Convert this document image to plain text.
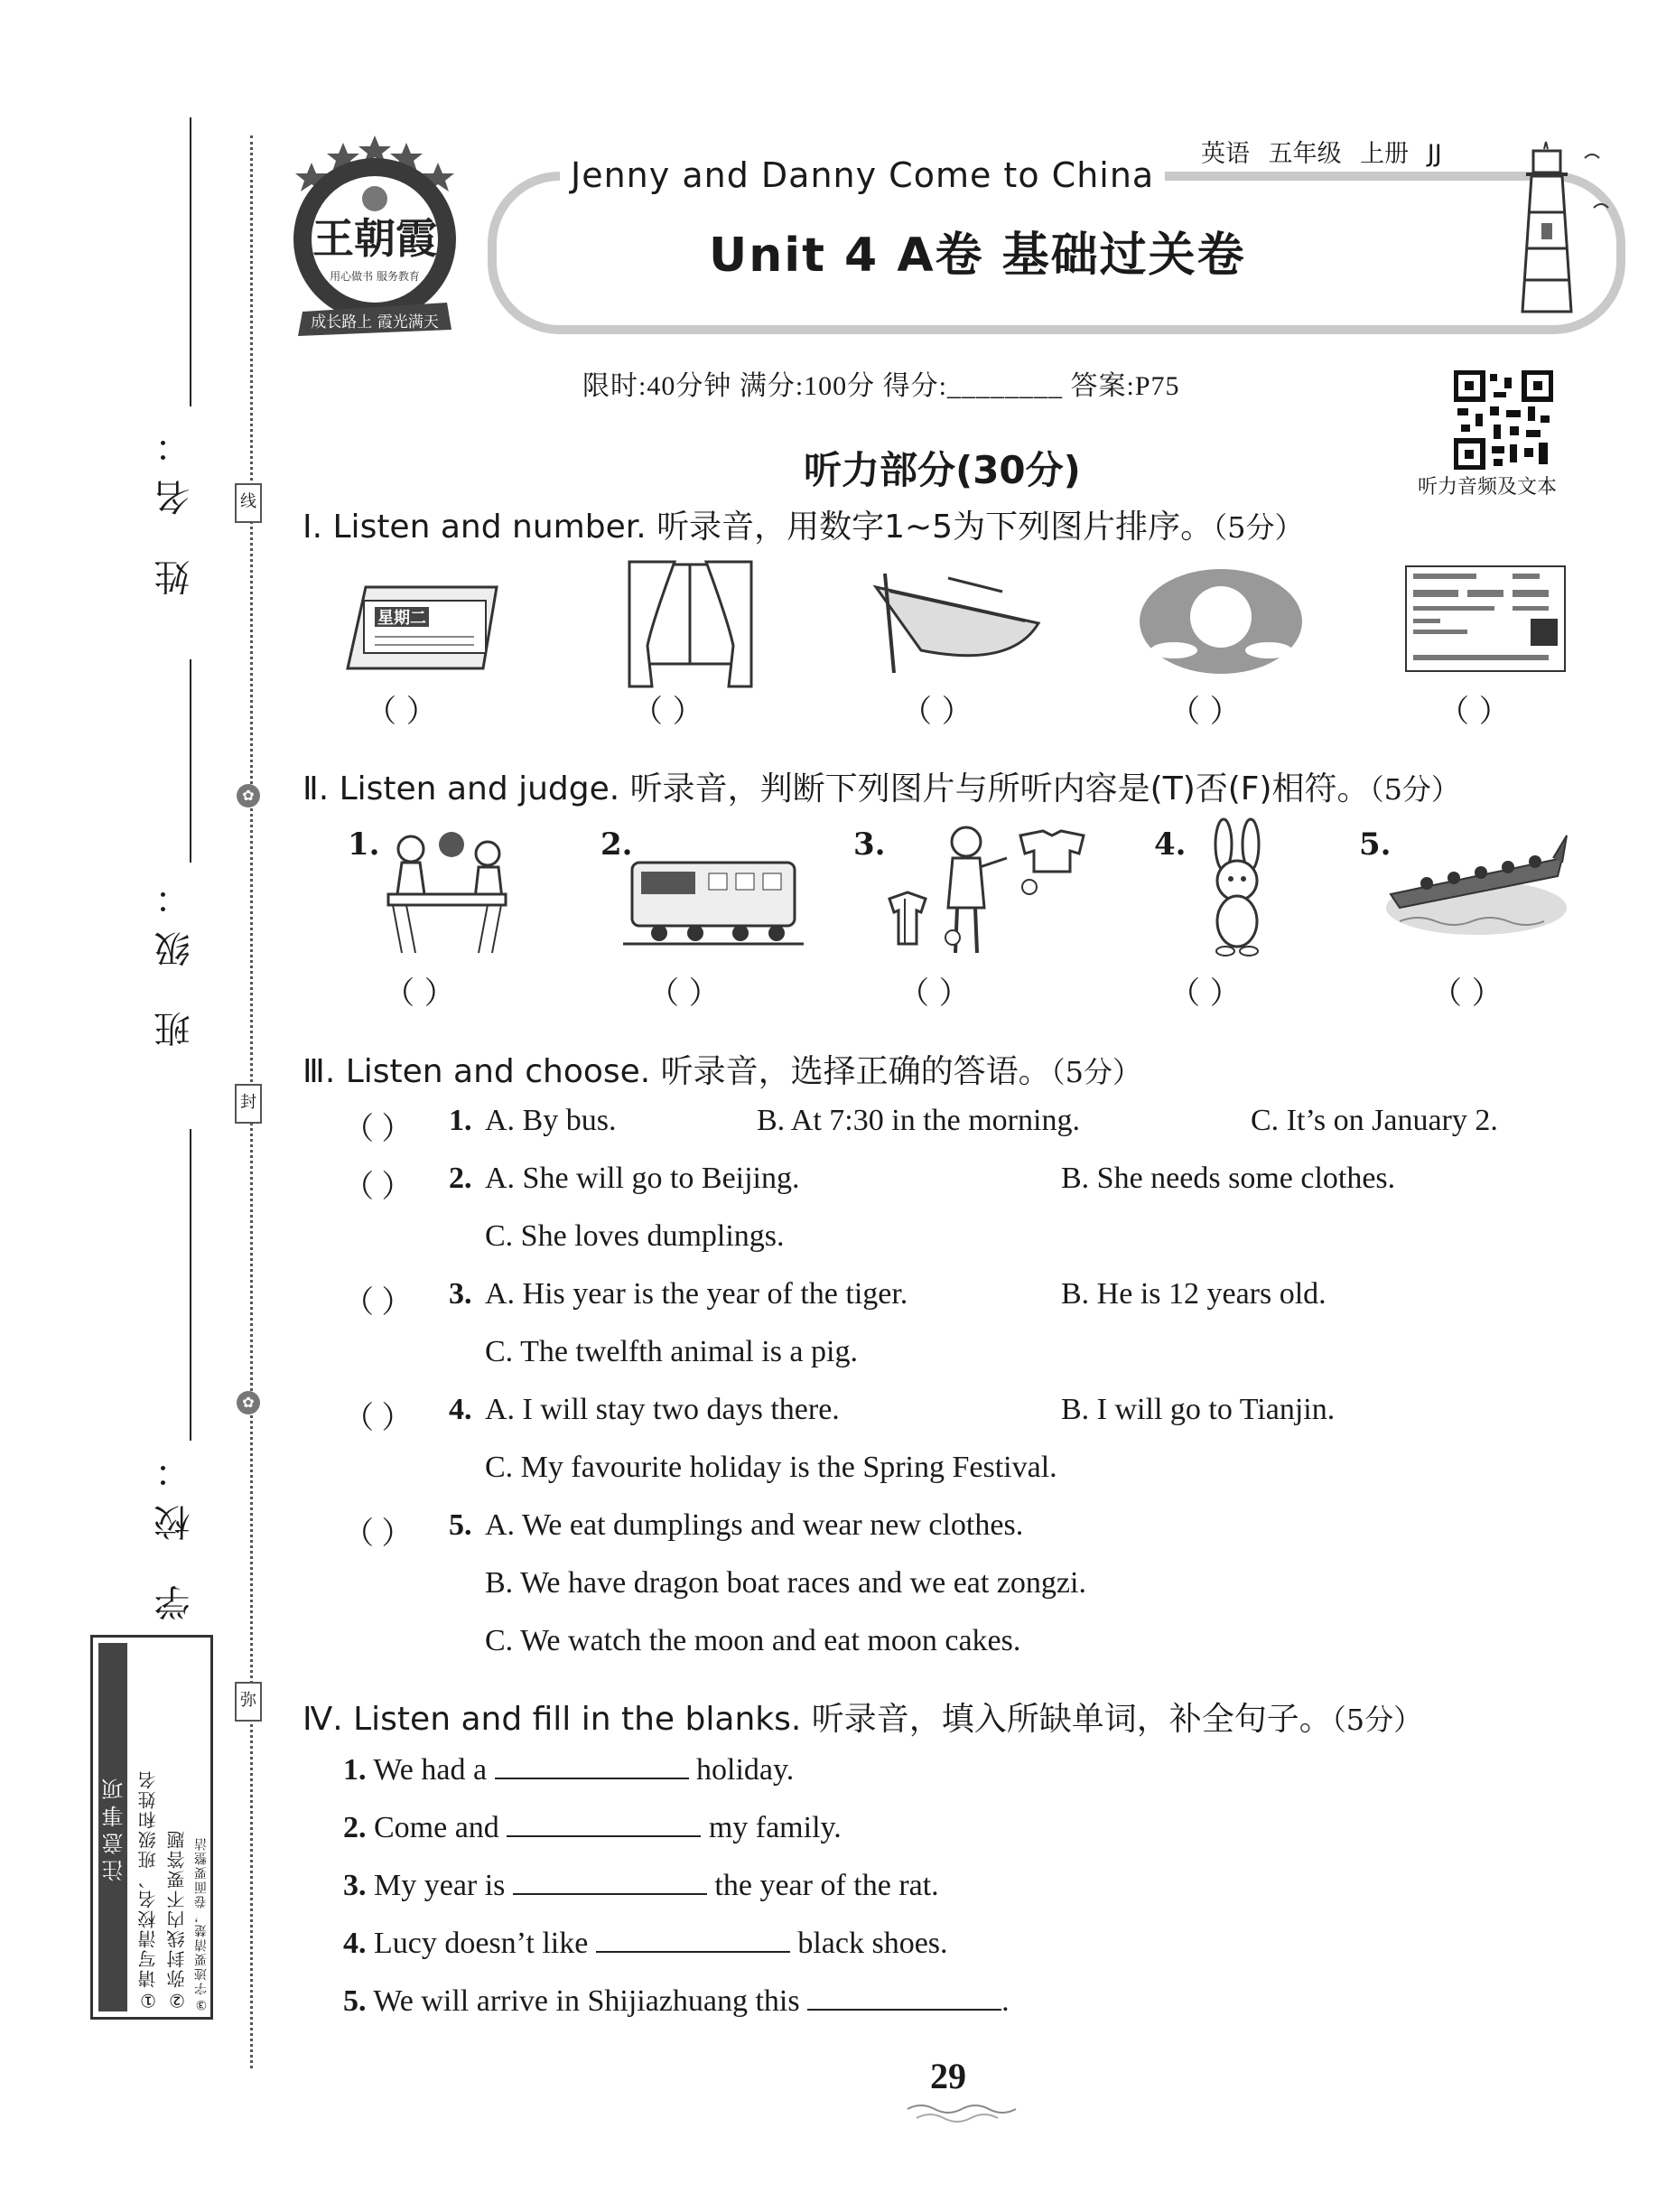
姓 名：
班 级：
学 校：
线
✿
封
✿
弥
注意事项 ①请写清校名、班级和姓名 ②弥封线内不要答题 ③字迹要清楚，卷面要整洁
王朝霞
用心做书 服务教育
成长路上 霞光满天
英语 五年级 上册 JJ
Jenny and Danny Come to China
Unit 4 A卷 基础过关卷
限时:40分钟 满分:100分 得分:________ 答案:P75
听力音频及文本
听力部分(30分)
Ⅰ. Listen and number. 听录音，用数字1~5为下列图片排序。（5分）
星期二
（ ）	（ ）	（ ）	（ ）	（ ）
Ⅱ. Listen and judge. 听录音，判断下列图片与所听内容是(T)否(F)相符。（5分）
1.	2.	3.	4.	5.
（ ）	（ ）	（ ）	（ ）	（ ）
Ⅲ. Listen and choose. 听录音，选择正确的答语。（5分）
（ ） 1. A. By bus.	B. At 7:30 in the morning.	C. It’s on January 2.
（ ） 2. A. She will go to Beijing.	B. She needs some clothes.
C. She loves dumplings.
（ ） 3. A. His year is the year of the tiger.	B. He is 12 years old.
C. The twelfth animal is a pig.
（ ） 4. A. I will stay two days there.	B. I will go to Tianjin.
C. My favourite holiday is the Spring Festival.
（ ） 5. A. We eat dumplings and wear new clothes.
B. We have dragon boat races and we eat zongzi.
C. We watch the moon and eat moon cakes.
Ⅳ. Listen and fill in the blanks. 听录音，填入所缺单词，补全句子。（5分）
1. We had a	holiday.
2. Come and	my family.
3. My year is	the year of the rat.
4. Lucy doesn’t like	black shoes.
5. We will arrive in Shijiazhuang this	.
29
